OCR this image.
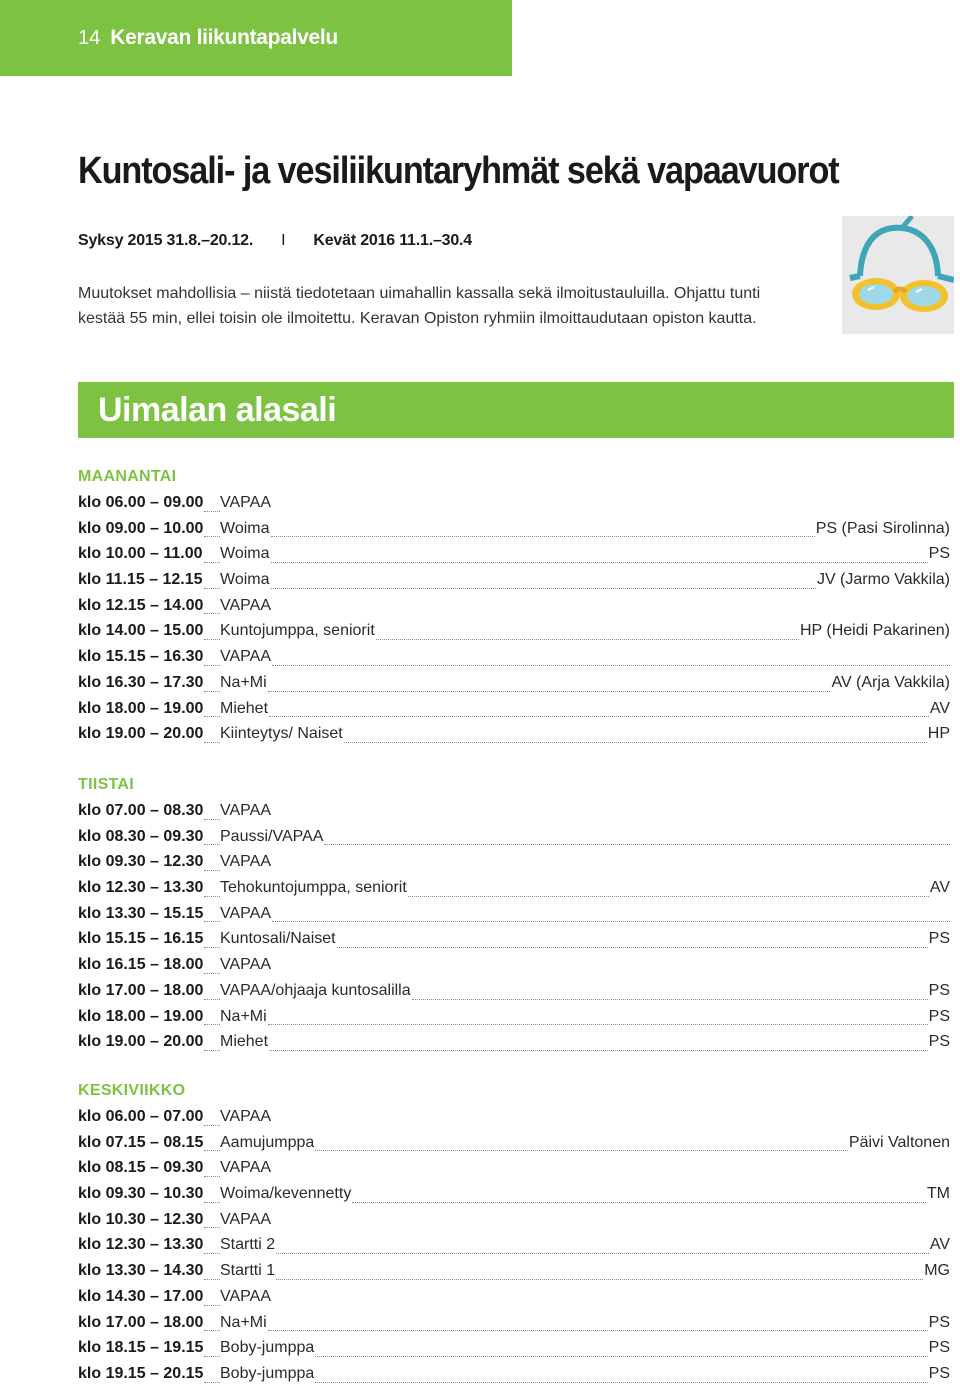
14 Keravan liikuntapalvelu
Kuntosali- ja vesiliikuntaryhmät sekä vapaavuorot
Syksy 2015 31.8.–20.12. I Kevät 2016 11.1.–30.4
Muutokset mahdollisia – niistä tiedotetaan uimahallin kassalla sekä ilmoitustauluilla. Ohjattu tunti
kestää 55 min, ellei toisin ole ilmoitettu. Keravan Opiston ryhmiin ilmoittaudutaan opiston kautta.
Uimalan alasali
MAANANTAI
klo 06.00 – 09.00 VAPAA
klo 09.00 – 10.00 Woima	PS (Pasi Sirolinna)
klo 10.00 – 11.00 Woima	PS
klo 11.15 – 12.15 Woima	JV (Jarmo Vakkila)
klo 12.15 – 14.00 VAPAA
klo 14.00 – 15.00 Kuntojumppa, seniorit	HP (Heidi Pakarinen)
klo 15.15 – 16.30 VAPAA
klo 16.30 – 17.30 Na+Mi	AV (Arja Vakkila)
klo 18.00 – 19.00 Miehet	AV
klo 19.00 – 20.00 Kiinteytys/ Naiset	HP
TIISTAI
klo 07.00 – 08.30 VAPAA
klo 08.30 – 09.30 Paussi/VAPAA
klo 09.30 – 12.30 VAPAA
klo 12.30 – 13.30 Tehokuntojumppa, seniorit	AV
klo 13.30 – 15.15 VAPAA
klo 15.15 – 16.15 Kuntosali/Naiset	PS
klo 16.15 – 18.00 VAPAA
klo 17.00 – 18.00 VAPAA/ohjaaja kuntosalilla	PS
klo 18.00 – 19.00 Na+Mi	PS
klo 19.00 – 20.00 Miehet	PS
KESKIVIIKKO
klo 06.00 – 07.00 VAPAA
klo 07.15 – 08.15 Aamujumppa	Päivi Valtonen
klo 08.15 – 09.30 VAPAA
klo 09.30 – 10.30 Woima/kevennetty	TM
klo 10.30 – 12.30 VAPAA
klo 12.30 – 13.30 Startti 2	AV
klo 13.30 – 14.30 Startti 1	MG
klo 14.30 – 17.00 VAPAA
klo 17.00 – 18.00 Na+Mi	PS
klo 18.15 – 19.15 Boby-jumppa	PS
klo 19.15 – 20.15 Boby-jumppa	PS
